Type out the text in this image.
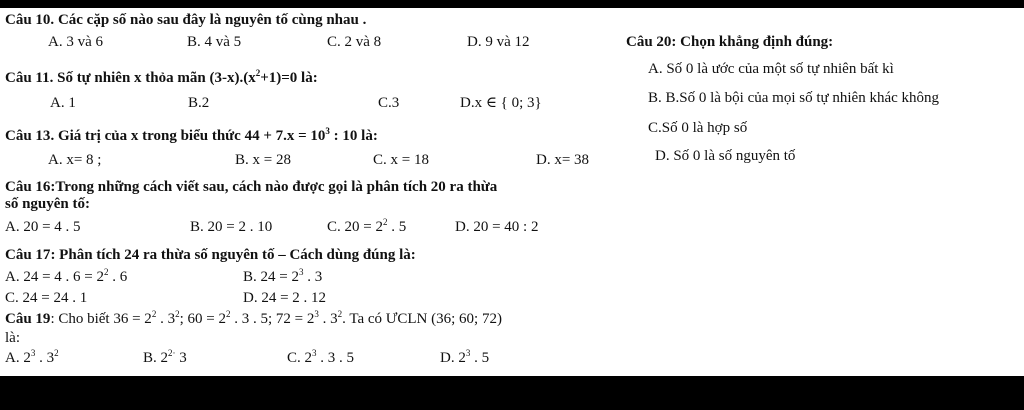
Câu 10. Các cặp số nào sau đây là nguyên tố cùng nhau .
A. 3 và 6	B. 4 và 5	C. 2 và 8	D. 9 và 12
Câu 11. Số tự nhiên x thỏa mãn $(3-x).(x^2+1)=0$ là:
A. 1	B.2	C.3	D.x ∈ { 0; 3}
Câu 13. Giá trị của x trong biểu thức $44 + 7.x = 10^3$ : 10 là:
A. x= 8 ;	B. x = 28	C. x = 18	D. x= 38
Câu 16:Trong những cách viết sau, cách nào được gọi là phân tích 20 ra thừa
số nguyên tố:
A. 20 = 4 . 5	B. 20 = 2 . 10	C. $20 = 2^2$ . 5	D. 20 = 40 : 2
Câu 17: Phân tích 24 ra thừa số nguyên tố – Cách dùng đúng là:
A. 24 = 4 . $6 = 2^2$ . 6	B. $24 = 2^3$ . 3
C. 24 = 24 . 1	D. 24 = 2 . 12
Câu 19: Cho biết $36 = 2^2$ . $3^2$; $60 = 2^2$ . 3 . 5; $72 = 2^3$ . $3^2$. Ta có ƯCLN (36; 60; 72)
là:
A. $2^3$ . $3^2$	B. $2^{2\cdot}$ 3	C. $2^3$ . 3 . 5	D. $2^3$ . 5
Câu 20: Chọn khẳng định đúng:
A. Số 0 là ước của một số tự nhiên bất kì
B. B.Số 0 là bội của mọi số tự nhiên khác không
C.Số 0 là hợp số
D. Số 0 là số nguyên tố
